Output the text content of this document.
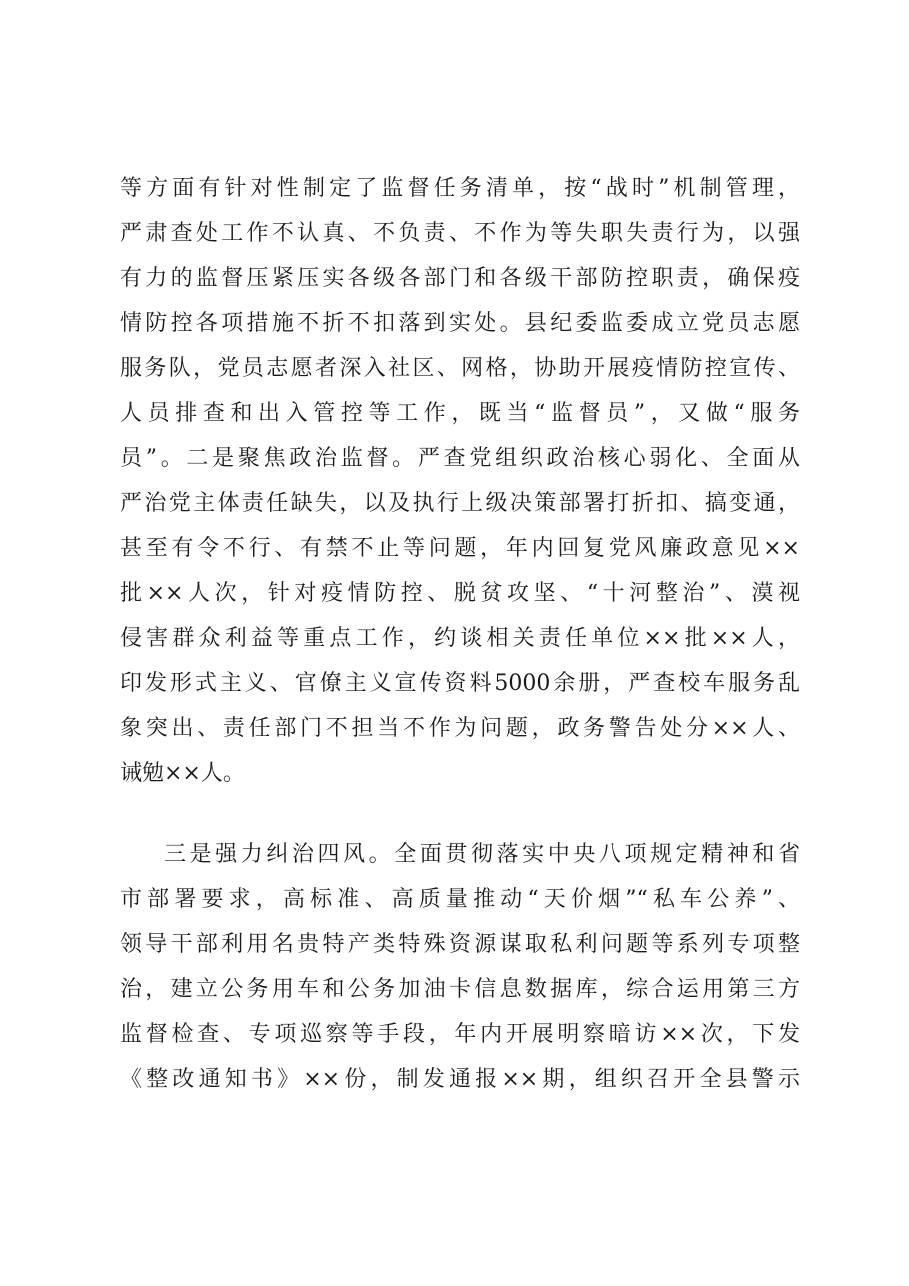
等方面有针对性制定了监督任务清单，按“战时”机制管理，
严肃查处工作不认真、不负责、不作为等失职失责行为，以强
有力的监督压紧压实各级各部门和各级干部防控职责，确保疫
情防控各项措施不折不扣落到实处。县纪委监委成立党员志愿
服务队，党员志愿者深入社区、网格，协助开展疫情防控宣传、
人员排查和出入管控等工作，既当“监督员”，又做“服务
员”。二是聚焦政治监督。严查党组织政治核心弱化、全面从
严治党主体责任缺失，以及执行上级决策部署打折扣、搞变通，
甚至有令不行、有禁不止等问题，年内回复党风廉政意见××
批××人次，针对疫情防控、脱贫攻坚、“十河整治”、漠视
侵害群众利益等重点工作，约谈相关责任单位××批××人，
印发形式主义、官僚主义宣传资料5000余册，严查校车服务乱
象突出、责任部门不担当不作为问题，政务警告处分××人、
诫勉××人。
三是强力纠治四风。全面贯彻落实中央八项规定精神和省
市部署要求，高标准、高质量推动“天价烟”“私车公养”、
领导干部利用名贵特产类特殊资源谋取私利问题等系列专项整
治，建立公务用车和公务加油卡信息数据库，综合运用第三方
监督检查、专项巡察等手段，年内开展明察暗访××次，下发
《整改通知书》××份，制发通报××期，组织召开全县警示
